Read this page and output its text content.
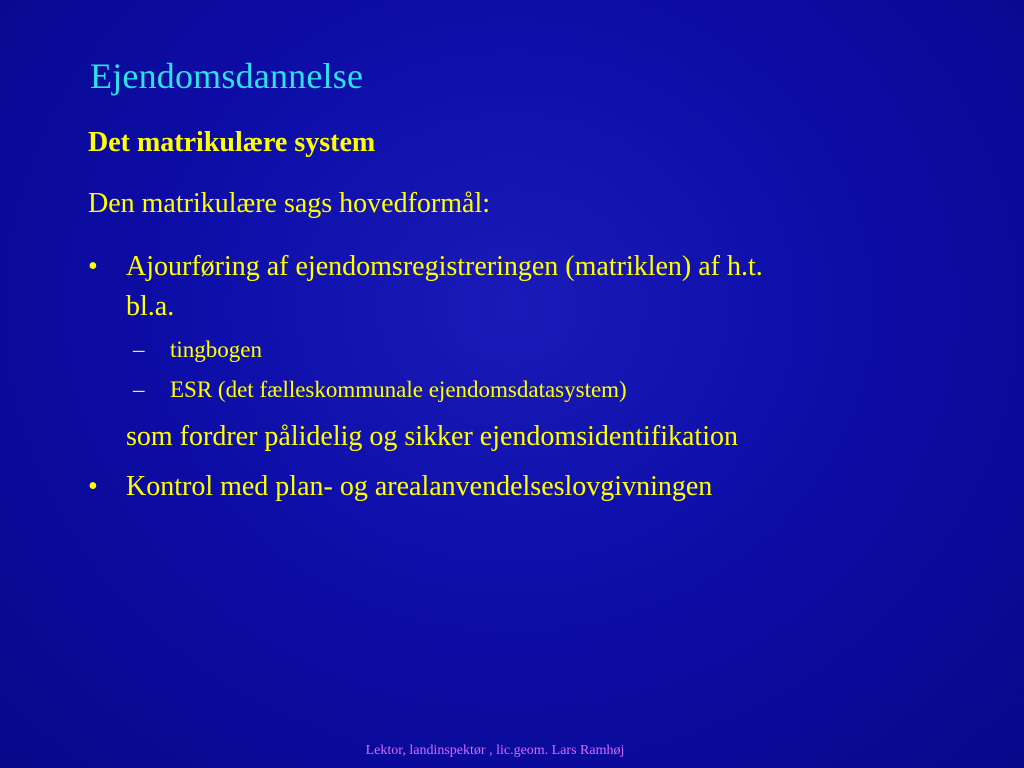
Ejendomsdannelse
Det matrikulære system
Den matrikulære sags hovedformål:
•	Ajourføring af ejendomsregistreringen (matriklen) af h.t.
bl.a.
– tingbogen
– ESR (det fælleskommunale ejendomsdatasystem)
som fordrer pålidelig og sikker ejendomsidentifikation
•	Kontrol med plan- og arealanvendelseslovgivningen
Lektor, landinspektør , lic.geom. Lars Ramhøj
